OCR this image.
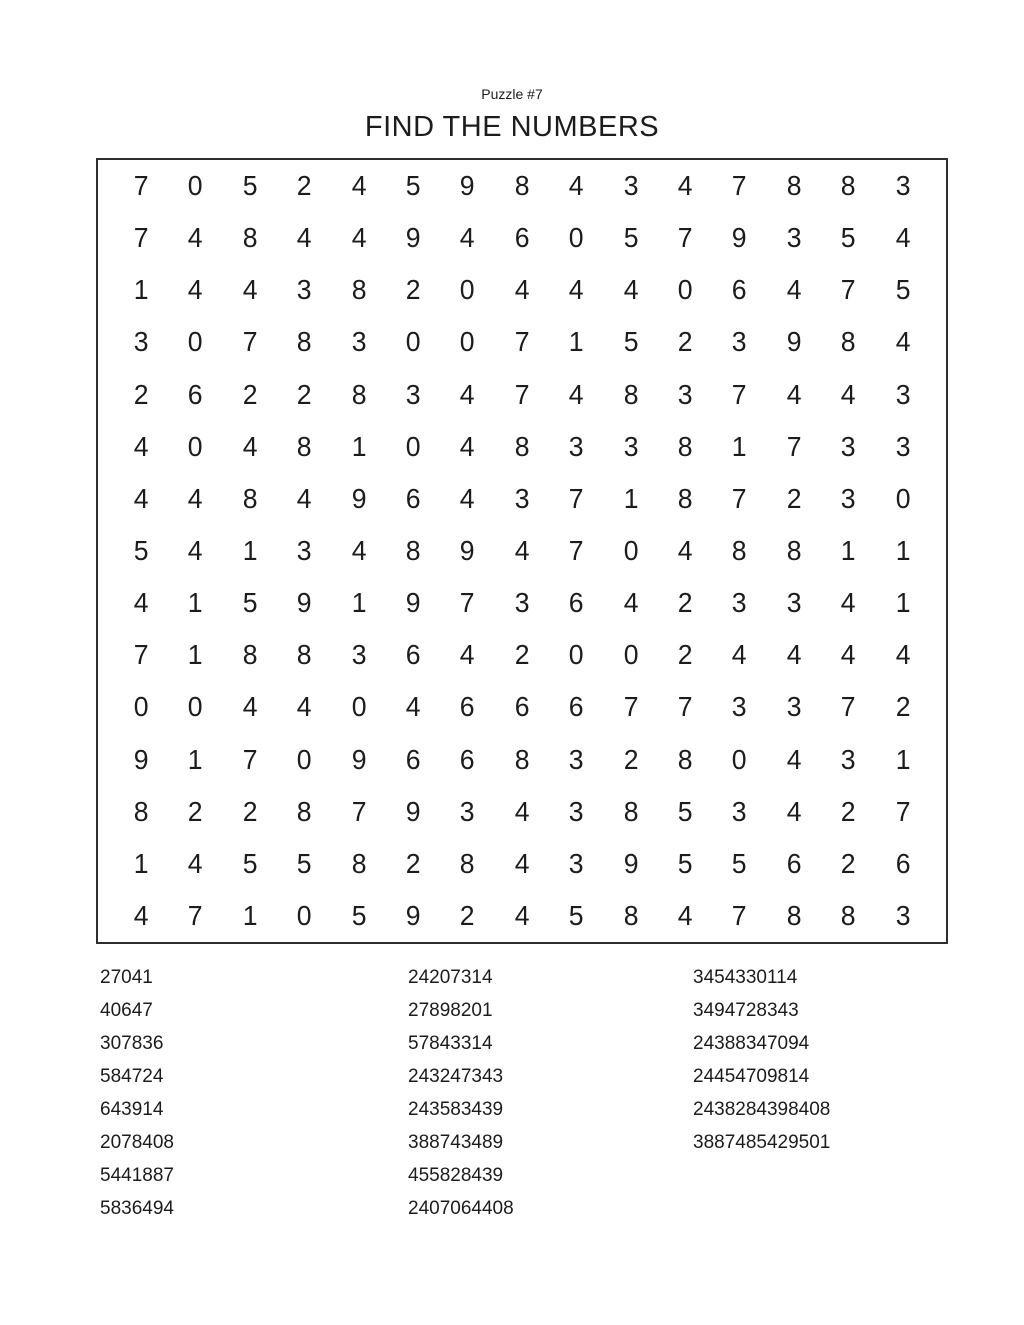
Puzzle #7
FIND THE NUMBERS
7	0	5	2	4	5	9	8	4	3	4	7	8	8	3
7	4	8	4	4	9	4	6	0	5	7	9	3	5	4
1	4	4	3	8	2	0	4	4	4	0	6	4	7	5
3	0	7	8	3	0	0	7	1	5	2	3	9	8	4
2	6	2	2	8	3	4	7	4	8	3	7	4	4	3
4	0	4	8	1	0	4	8	3	3	8	1	7	3	3
4	4	8	4	9	6	4	3	7	1	8	7	2	3	0
5	4	1	3	4	8	9	4	7	0	4	8	8	1	1
4	1	5	9	1	9	7	3	6	4	2	3	3	4	1
7	1	8	8	3	6	4	2	0	0	2	4	4	4	4
0	0	4	4	0	4	6	6	6	7	7	3	3	7	2
9	1	7	0	9	6	6	8	3	2	8	0	4	3	1
8	2	2	8	7	9	3	4	3	8	5	3	4	2	7
1	4	5	5	8	2	8	4	3	9	5	5	6	2	6
4	7	1	0	5	9	2	4	5	8	4	7	8	8	3
27041
40647
307836
584724
643914
2078408
5441887
5836494
24207314
27898201
57843314
243247343
243583439
388743489
455828439
2407064408
3454330114
3494728343
24388347094
24454709814
2438284398408
3887485429501
